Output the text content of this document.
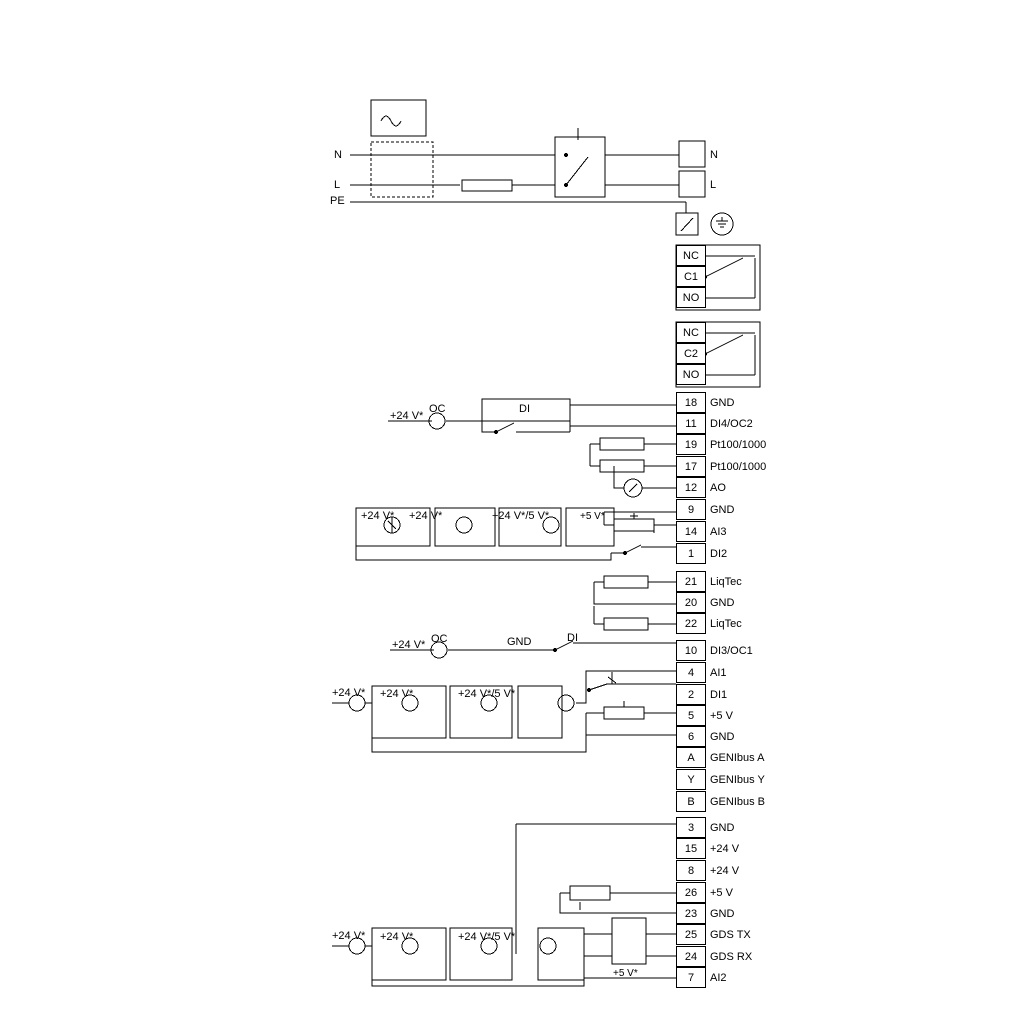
N
L
PE
N
L
NC
C1
NO
NC
C2
NO
18	GND
11	DI4/OC2
19	Pt100/1000
17	Pt100/1000
12	AO
9	GND
14	AI3
1	DI2
21	LiqTec
20	GND
22	LiqTec
10	DI3/OC1
4	AI1
2	DI1
5	+5 V
6	GND
A	GENIbus A
Y	GENIbus Y
B	GENIbus B
3	GND
15	+24 V
8	+24 V
26	+5 V
23	GND
25	GDS TX
24	GDS RX
7	AI2
OC	DI
+24 V*
+24 V* +24 V*	+24 V*/5 V*	+5 V*
OC	GND	DI
+24 V*
+24 V* +24 V*	+24 V*/5 V*
+24 V* +24 V*	+24 V*/5 V*
+5 V*
